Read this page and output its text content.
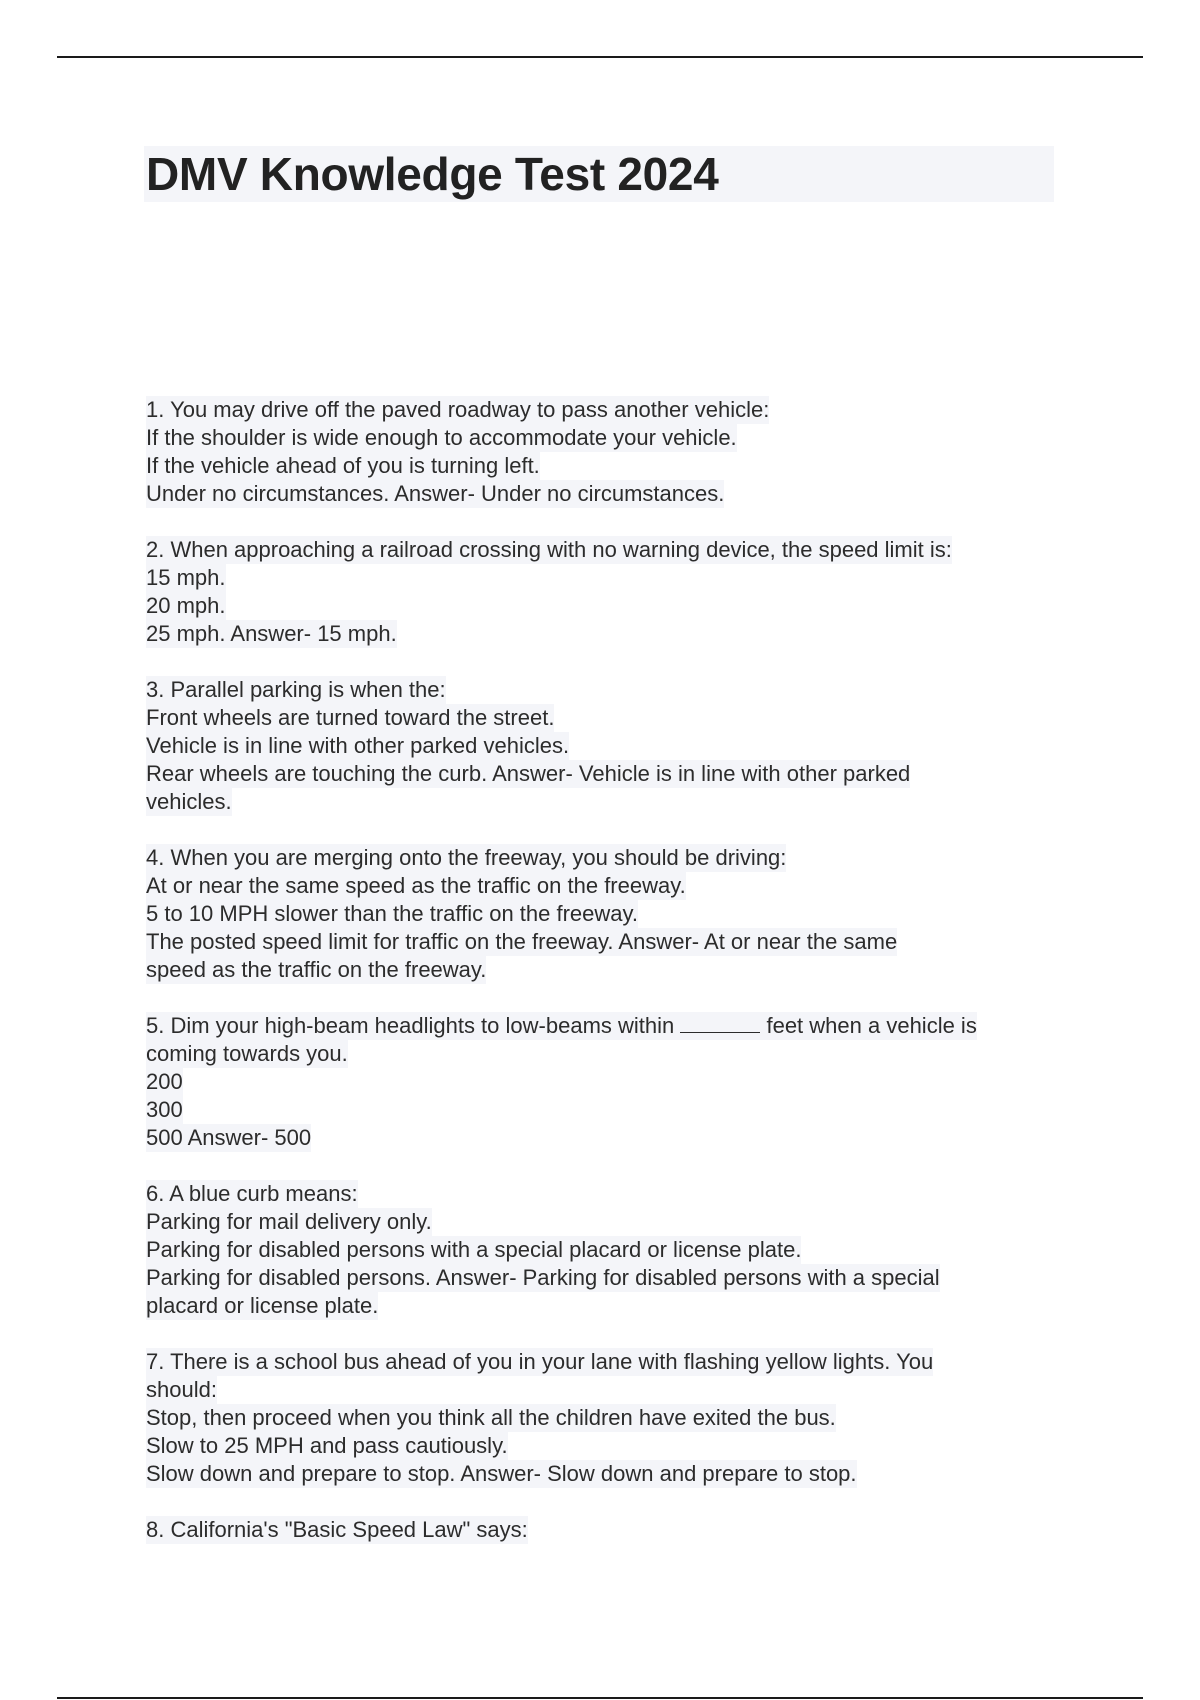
DMV Knowledge Test 2024
1. You may drive off the paved roadway to pass another vehicle:
If the shoulder is wide enough to accommodate your vehicle.
If the vehicle ahead of you is turning left.
Under no circumstances. Answer- Under no circumstances.
2. When approaching a railroad crossing with no warning device, the speed limit is:
15 mph.
20 mph.
25 mph. Answer- 15 mph.
3. Parallel parking is when the:
Front wheels are turned toward the street.
Vehicle is in line with other parked vehicles.
Rear wheels are touching the curb. Answer- Vehicle is in line with other parked
vehicles.
4. When you are merging onto the freeway, you should be driving:
At or near the same speed as the traffic on the freeway.
5 to 10 MPH slower than the traffic on the freeway.
The posted speed limit for traffic on the freeway. Answer- At or near the same
speed as the traffic on the freeway.
5. Dim your high-beam headlights to low-beams within	feet when a vehicle is
coming towards you.
200
300
500 Answer- 500
6. A blue curb means:
Parking for mail delivery only.
Parking for disabled persons with a special placard or license plate.
Parking for disabled persons. Answer- Parking for disabled persons with a special
placard or license plate.
7. There is a school bus ahead of you in your lane with flashing yellow lights. You
should:
Stop, then proceed when you think all the children have exited the bus.
Slow to 25 MPH and pass cautiously.
Slow down and prepare to stop. Answer- Slow down and prepare to stop.
8. California's "Basic Speed Law" says:
